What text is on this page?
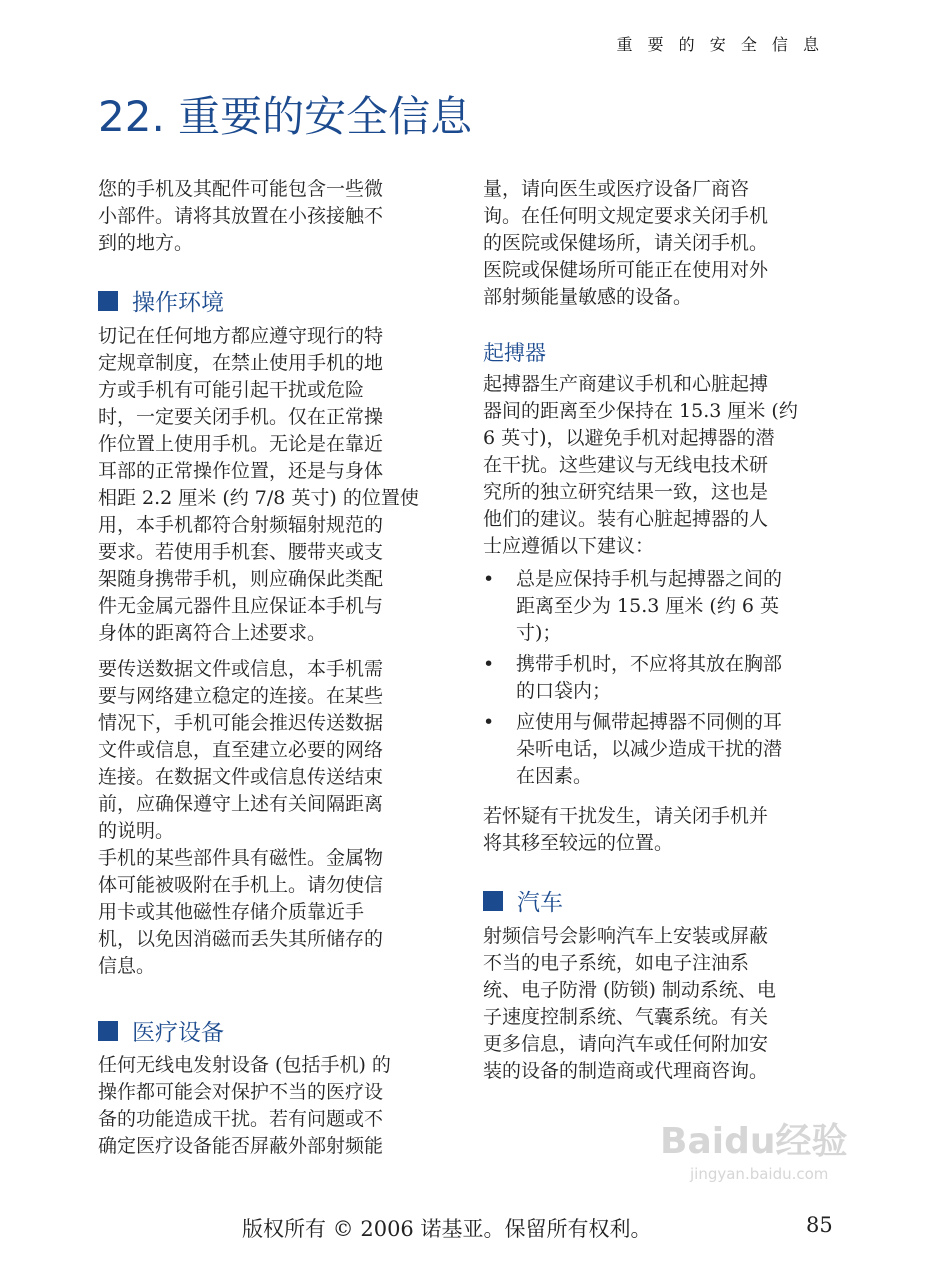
重 要 的 安 全 信 息
22. 重要的安全信息
您的手机及其配件可能包含一些微
小部件。请将其放置在小孩接触不
到的地方。
操作环境
切记在任何地方都应遵守现行的特
定规章制度，在禁止使用手机的地
方或手机有可能引起干扰或危险
时，一定要关闭手机。仅在正常操
作位置上使用手机。无论是在靠近
耳部的正常操作位置，还是与身体
相距 2.2 厘米 (约 7/8 英寸) 的位置使
用，本手机都符合射频辐射规范的
要求。若使用手机套、腰带夹或支
架随身携带手机，则应确保此类配
件无金属元器件且应保证本手机与
身体的距离符合上述要求。
要传送数据文件或信息，本手机需
要与网络建立稳定的连接。在某些
情况下，手机可能会推迟传送数据
文件或信息，直至建立必要的网络
连接。在数据文件或信息传送结束
前，应确保遵守上述有关间隔距离
的说明。
手机的某些部件具有磁性。金属物
体可能被吸附在手机上。请勿使信
用卡或其他磁性存储介质靠近手
机，以免因消磁而丢失其所储存的
信息。
医疗设备
任何无线电发射设备 (包括手机) 的
操作都可能会对保护不当的医疗设
备的功能造成干扰。若有问题或不
确定医疗设备能否屏蔽外部射频能
量，请向医生或医疗设备厂商咨
询。在任何明文规定要求关闭手机
的医院或保健场所，请关闭手机。
医院或保健场所可能正在使用对外
部射频能量敏感的设备。
起搏器
起搏器生产商建议手机和心脏起搏
器间的距离至少保持在 15.3 厘米 (约
6 英寸)，以避免手机对起搏器的潜
在干扰。这些建议与无线电技术研
究所的独立研究结果一致，这也是
他们的建议。装有心脏起搏器的人
士应遵循以下建议：
• 总是应保持手机与起搏器之间的
距离至少为 15.3 厘米 (约 6 英
寸)；
• 携带手机时，不应将其放在胸部
的口袋内；
• 应使用与佩带起搏器不同侧的耳
朵听电话，以减少造成干扰的潜
在因素。
若怀疑有干扰发生，请关闭手机并
将其移至较远的位置。
汽车
射频信号会影响汽车上安装或屏蔽
不当的电子系统，如电子注油系
统、电子防滑 (防锁) 制动系统、电
子速度控制系统、气囊系统。有关
更多信息，请向汽车或任何附加安
装的设备的制造商或代理商咨询。
Baidu经验
jingyan.baidu.com
版权所有 © 2006 诺基亚。保留所有权利。	85
